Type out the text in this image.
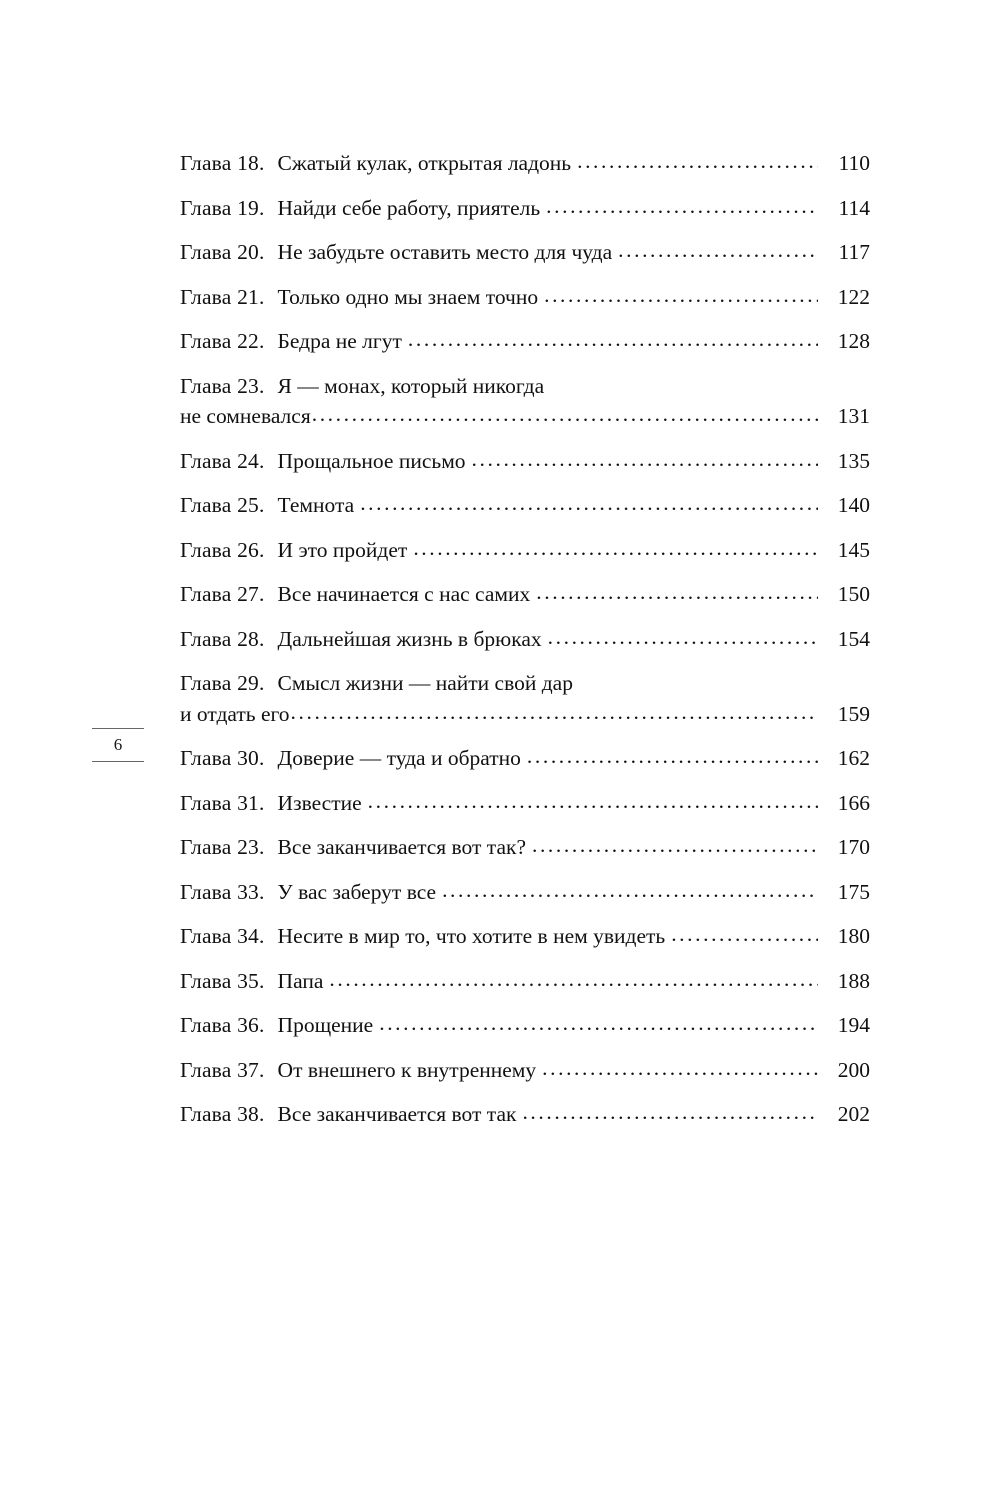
6
Глава 18. Сжатый кулак, открытая ладонь .....	110
Глава 19. Найди себе работу, приятель .....	114
Глава 20. Не забудьте оставить место для чуда .....	117
Глава 21. Только одно мы знаем точно .....	122
Глава 22. Бедра не лгут .....	128
Глава 23. Я — монах, который никогда
не сомневался .....	131
Глава 24. Прощальное письмо .....	135
Глава 25. Темнота .....	140
Глава 26. И это пройдет .....	145
Глава 27. Все начинается с нас самих .....	150
Глава 28. Дальнейшая жизнь в брюках .....	154
Глава 29. Смысл жизни — найти свой дар
и отдать его .....	159
Глава 30. Доверие — туда и обратно .....	162
Глава 31. Известие .....	166
Глава 23. Все заканчивается вот так? .....	170
Глава 33. У вас заберут все .....	175
Глава 34. Несите в мир то, что хотите в нем увидеть .....	180
Глава 35. Папа .....	188
Глава 36. Прощение .....	194
Глава 37. От внешнего к внутреннему .....	200
Глава 38. Все заканчивается вот так .....	202
